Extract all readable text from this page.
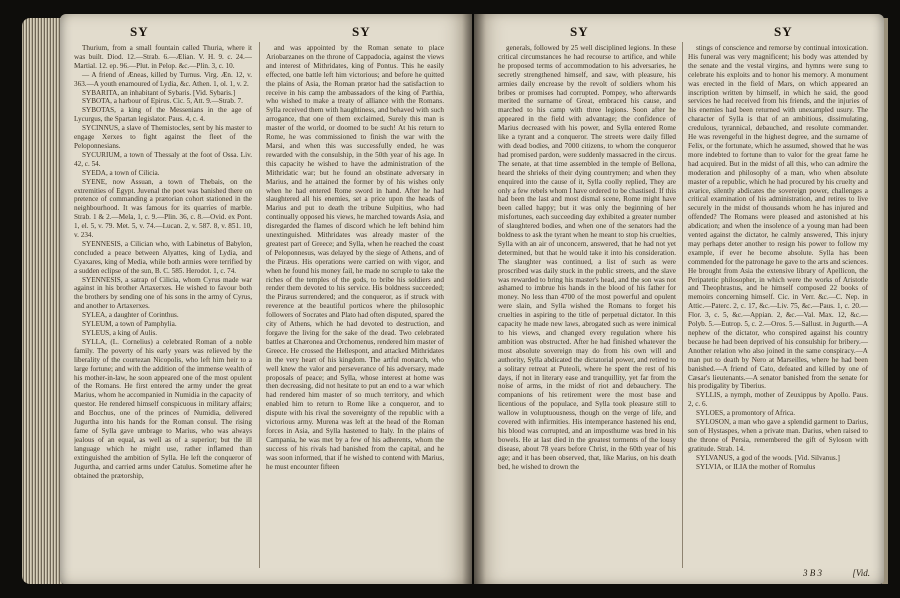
SY	SY

Thurium, from a small fountain called Thuria, where it was built. Diod. 12.—Strab. 6.—Ælian. V. H. 9. c. 24.—Martial. 12. ep. 96.—Plut. in Pelop. &c.—Plin. 3, c. 10.

— A friend of Æneas, killed by Turnus. Virg. Æn. 12, v. 363.—A youth enamoured of Lydia, &c. Athen. 1, ol. 1, v. 2.

SYBARITA, an inhabitant of Sybaris. [Vid. Sybaris.]

SYBOTA, a harbour of Epirus. Cic. 5, Att. 9.—Strab. 7.

SYBOTAS, a king of the Messenians in the age of Lycurgus, the Spartan legislator. Paus. 4, c. 4.

SYCINNUS, a slave of Themistocles, sent by his master to engage Xerxes to fight against the fleet of the Peloponnesians.

SYCURIUM, a town of Thessaly at the foot of Ossa. Liv. 42, c. 54.

SYEDA, a town of Cilicia.

SYENE, now Assuan, a town of Thebais, on the extremities of Egypt. Juvenal the poet was banished there on pretence of commanding a prætorian cohort stationed in the neighbourhood. It was famous for its quarries of marble. Strab. 1 & 2.—Mela, 1, c. 9.—Plin. 36, c. 8.—Ovid. ex Pont. 1, el. 5, v. 79. Met. 5, v. 74.—Lucan. 2, v. 587. 8, v. 851. 10, v. 234.

SYENNESIS, a Cilician who, with Labinetus of Babylon, concluded a peace between Alyattes, king of Lydia, and Cyaxares, king of Media, while both armies were terrified by a sudden eclipse of the sun, B. C. 585. Herodot. 1, c. 74.

SYENNESIS, a satrap of Cilicia, whom Cyrus made war against in his brother Artaxerxes. He wished to favour both the brothers by sending one of his sons in the army of Cyrus, and another to Artaxerxes.

SYLEA, a daughter of Corinthus.

SYLEUM, a town of Pamphylia.

SYLEUS, a king of Aulis.

SYLLA, (L. Cornelius) a celebrated Roman of a noble family. The poverty of his early years was relieved by the liberality of the courtezan Nicopolis, who left him heir to a large fortune; and with the addition of the immense wealth of his mother-in-law, he soon appeared one of the most opulent of the Romans. He first entered the army under the great Marius, whom he accompanied in Numidia in the capacity of questor. He rendered himself conspicuous in military affairs; and Bocchus, one of the princes of Numidia, delivered Jugurtha into his hands for the Roman consul. The rising fame of Sylla gave umbrage to Marius, who was always jealous of an equal, as well as of a superior; but the ill language which he might use, rather inflamed than extinguished the ambition of Sylla. He left the conqueror of Jugurtha, and carried arms under Catulus. Sometime after he obtained the prætorship,

and was appointed by the Roman senate to place Ariobarzanes on the throne of Cappadocia, against the views and interest of Mithridates, king of Pontus. This he easily effected, one battle left him victorious; and before he quitted the plains of Asia, the Roman prætor had the satisfaction to receive in his camp the ambassadors of the king of Parthia, who wished to make a treaty of alliance with the Romans. Sylla received them with haughtiness, and behaved with such arrogance, that one of them exclaimed, Surely this man is master of the world, or doomed to be such! At his return to Rome, he was commissioned to finish the war with the Marsi, and when this was successfully ended, he was rewarded with the consulship, in the 50th year of his age. In this capacity he wished to have the administration of the Mithridatic war; but he found an obstinate adversary in Marius, and he attained the former by of his wishes only when he had entered Rome sword in hand. After he had slaughtered all his enemies, set a price upon the heads of Marius and put to death the tribune Sulpitius, who had continually opposed his views, he marched towards Asia, and disregarded the flames of discord which he left behind him unextinguished. Mithridates was already master of the greatest part of Greece; and Sylla, when he reached the coast of Peloponnesus, was delayed by the siege of Athens, and of the Piræus. His operations were carried on with vigor, and when he found his money fail, he made no scruple to take the riches of the temples of the gods, to bribe his soldiers and render them devoted to his service. His boldness succeeded; the Piræus surrendered; and the conqueror, as if struck with reverence at the beautiful porticos where the philosophic followers of Socrates and Plato had often disputed, spared the city of Athens, which he had devoted to destruction, and forgave the living for the sake of the dead. Two celebrated battles at Chæronea and Orchomenus, rendered him master of Greece. He crossed the Hellespont, and attacked Mithridates in the very heart of his kingdom. The artful monarch, who well knew the valor and perseverance of his adversary, made proposals of peace; and Sylla, whose interest at home was then decreasing, did not hesitate to put an end to a war which had rendered him master of so much territory, and which enabled him to return to Rome like a conqueror, and to dispute with his rival the sovereignty of the republic with a victorious army. Murena was left at the head of the Roman forces in Asia, and Sylla hastened to Italy. In the plains of Campania, he was met by a few of his adherents, whom the success of his rivals had banished from the capital, and he was soon informed, that if he wished to contend with Marius, he must encounter fifteen

SY	SY

generals, followed by 25 well disciplined legions. In these critical circumstances he had recourse to artifice, and while he proposed terms of accommodation to his adversaries, he secretly strengthened himself, and saw, with pleasure, his armies daily encrease by the revolt of soldiers whom his bribes or promises had corrupted. Pompey, who afterwards merited the surname of Great, embraced his cause, and marched to his camp with three legions. Soon after he appeared in the field with advantage; the confidence of Marius decreased with his power, and Sylla entered Rome like a tyrant and a conqueror. The streets were daily filled with dead bodies, and 7000 citizens, to whom the conqueror had promised pardon, were suddenly massacred in the circus. The senate, at that time assembled in the temple of Bellona, heard the shrieks of their dying countrymen; and when they enquired into the cause of it, Sylla coolly replied, They are only a few rebels whom I have ordered to be chastised. If this had been the last and most dismal scene, Rome might have been called happy; but it was only the beginning of her misfortunes, each succeeding day exhibited a greater number of slaughtered bodies, and when one of the senators had the boldness to ask the tyrant when he meant to stop his cruelties, Sylla with an air of unconcern, answered, that he had not yet determined, but that he would take it into his consideration. The slaughter was continued, a list of such as were proscribed was daily stuck in the public streets, and the slave was rewarded to bring his master's head, and the son was not ashamed to imbrue his hands in the blood of his father for money. No less than 4700 of the most powerful and opulent were slain, and Sylla wished the Romans to forget his cruelties in aspiring to the title of perpetual dictator. In this capacity he made new laws, abrogated such as were inimical to his views, and changed every regulation where his ambition was obstructed. After he had finished whatever the most absolute sovereign may do from his own will and authority, Sylla abdicated the dictatorial power, and retired to a solitary retreat at Puteoli, where he spent the rest of his days, if not in literary ease and tranquillity, yet far from the noise of arms, in the midst of riot and debauchery. The companions of his retirement were the most base and licentious of the populace, and Sylla took pleasure still to wallow in voluptuousness, though on the verge of life, and covered with infirmities. His intemperance hastened his end, his blood was corrupted, and an imposthume was bred in his bowels. He at last died in the greatest torments of the lousy disease, about 78 years before Christ, in the 60th year of his age; and it has been observed, that, like Marius, on his death bed, he wished to drown the

stings of conscience and remorse by continual intoxication. His funeral was very magnificent; his body was attended by the senate and the vestal virgins, and hymns were sung to celebrate his exploits and to honor his memory. A monument was erected in the field of Mars, on which appeared an inscription written by himself, in which he said, the good services he had received from his friends, and the injuries of his enemies had been returned with unexampled usury. The character of Sylla is that of an ambitious, dissimulating, credulous, tyrannical, debauched, and resolute commander. He was revengeful in the highest degree, and the surname of Felix, or the fortunate, which he assumed, showed that he was more indebted to fortune than to valor for the great fame he had acquired. But in the midst of all this, who can admire the moderation and philosophy of a man, who when absolute master of a republic, which he had procured by his cruelty and avarice, silently abdicates the sovereign power, challenges a critical examination of his administration, and retires to live securely in the midst of thousands whom he has injured and offended? The Romans were pleased and astonished at his abdication; and when the insolence of a young man had been vented against the dictator, he calmly answered, This injury may perhaps deter another to resign his power to follow my example, if ever he become absolute. Sylla has been commended for the patronage he gave to the arts and sciences. He brought from Asia the extensive library of Apellicon, the Peripatetic philosopher, in which were the works of Aristotle and Theophrastus, and he himself composed 22 books of memoirs concerning himself. Cic. in Verr. &c.—C. Nep. in Attic.—Paterc. 2, c. 17, &c.—Liv. 75, &c.—Paus. 1, c. 20.—Flor. 3, c. 5, &c.—Appian. 2, &c.—Val. Max. 12, &c.—Polyb. 5.—Eutrop. 5, c. 2.—Oros. 5.—Sallust. in Jugurth.—A nephew of the dictator, who conspired against his country because he had been deprived of his consulship for bribery.—Another relation who also joined in the same conspiracy.—A man put to death by Nero at Marseilles, where he had been banished.—A friend of Cato, defeated and killed by one of Cæsar's lieutenants.—A senator banished from the senate for his prodigality by Tiberius.

SYLLIS, a nymph, mother of Zeuxippus by Apollo. Paus. 2, c. 6.

SYLOES, a promontory of Africa.

SYLOSON, a man who gave a splendid garment to Darius, son of Hystaspes, when a private man. Darius, when raised to the throne of Persia, remembered the gift of Syloson with gratitude. Strab. 14.

SYLVANUS, a god of the woods. [Vid. Silvanus.]

SYLVIA, or ILIA the mother of Romulus

3 B 3	[Vid.
